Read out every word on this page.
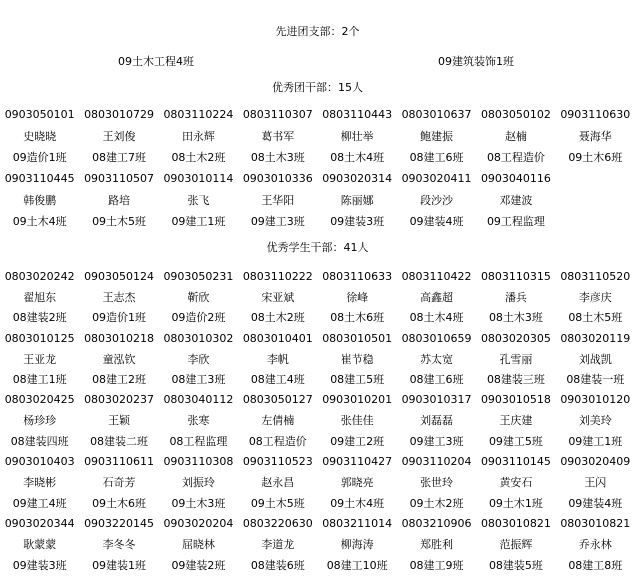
先进团支部：2个
09土木工程4班	09建筑装饰1班
优秀团干部：15人
0903050101 0803010729 0803110224 0803110307 0803110443 0803010637 0803050102 0903110630
史晓晓	王刘俊	田永辉	葛书军	柳壮举	鲍建振	赵楠	聂海华
09造价1班	08建工7班	08土木2班	08土木3班	08土木4班	08建工6班	08工程造价	09土木6班
0903110445 0903110507 0903010114 0903010336 0903020314 0903020411 0903040116
韩俊鹏	路培	张飞	王华阳	陈丽娜	段沙沙	邓建波
09土木4班	09土木5班	09建工1班	09建工3班	09建装3班	09建装4班	09工程监理
优秀学生干部：41人
0803020242 0903050124 0903050231 0803110222 0803110633 0803110422 0803110315 0803110520
翟旭东	王志杰	靳欣	宋亚斌	徐峰	高鑫超	潘兵	李彦庆
08建装2班	09造价1班	09造价2班	08土木2班	08土木6班	08土木4班	08土木3班	08土木5班
0803010125 0803010218 0803010302 0803010401 0803010501 0803010659 0803020305 0803020119
王亚龙	童泓钦	李欣	李帆	崔节稳	苏太宽	孔雪丽	刘战凯
08建工1班	08建工2班	08建工3班	08建工4班	08建工5班	08建工6班	08建装三班	08建装一班
0803020425 0803020237 0803040112 0803050127 0903010201 0903010317 0903010518 0903010120
杨珍珍	王颖	张寒	左倩楠	张佳佳	刘磊磊	王庆建	刘美玲
08建装四班	08建装二班	08工程监理	08工程造价	09建工2班	09建工3班	09建工5班	09建工1班
0903010403 0903110611 0903110308 0903110523 0903110427 0903110204 0903110145 0903020409
李晓彬	石奇芳	刘振玲	赵永昌	郭晓亮	张世玲	黄安石	王闪
09建工4班	09土木6班	09土木3班	09土木5班	09土木4班	09土木2班	09土木1班	09建装4班
0903020344 0903220145 0903020204 0803220630 0803211014 0803210906 0803010821 0803010821
耿蒙蒙	李冬冬	屈晓林	李道龙	柳海涛	郑胜利	范振辉	乔永林
09建装3班	09建装1班	09建装2班	08建装6班	08建工10班	08建工9班	08建装5班	08建工8班
